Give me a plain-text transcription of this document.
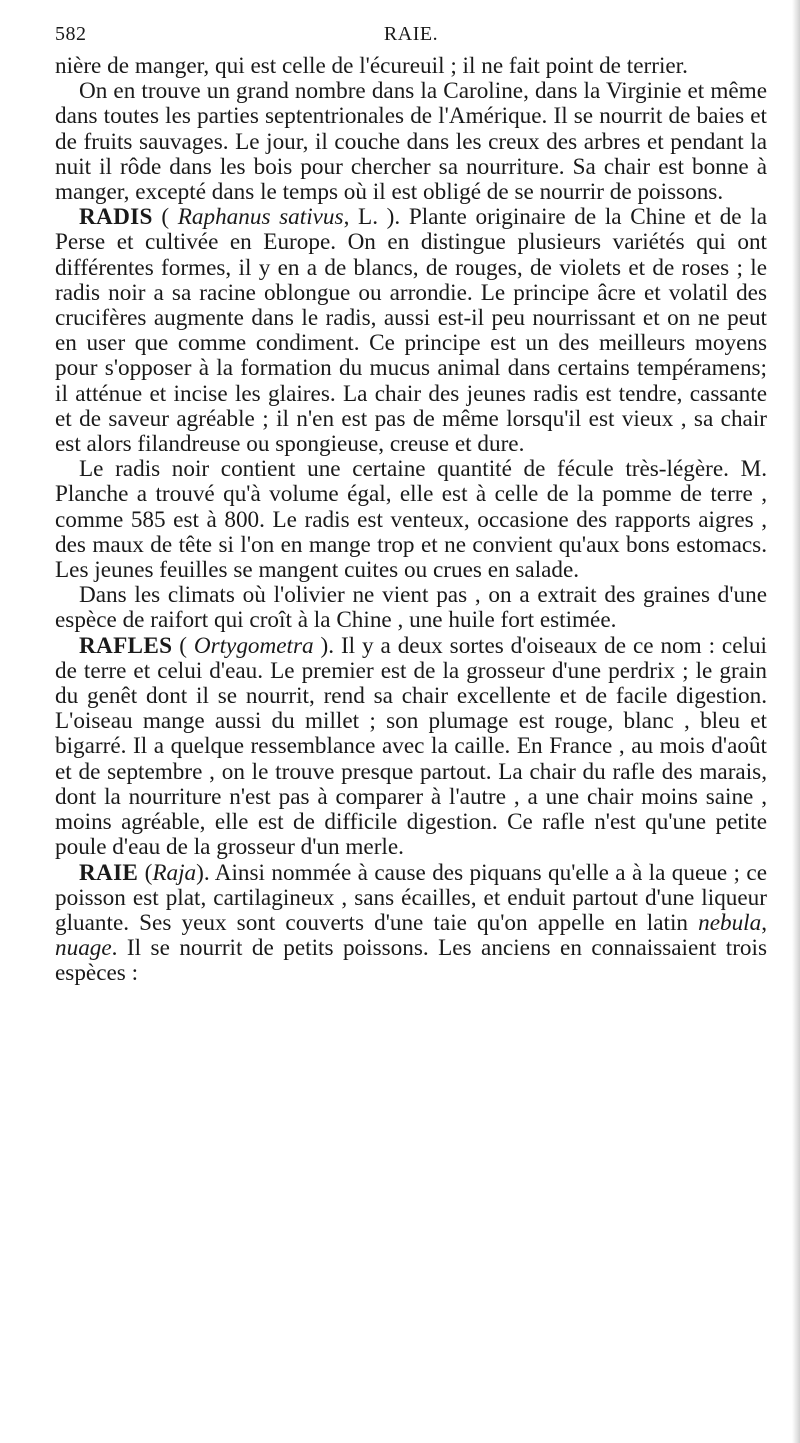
582	RAIE.

nière de manger, qui est celle de l'écureuil ; il ne fait point de terrier.

On en trouve un grand nombre dans la Caroline, dans la Virginie et même dans toutes les parties septentrionales de l'Amérique. Il se nourrit de baies et de fruits sauvages. Le jour, il couche dans les creux des arbres et pendant la nuit il rôde dans les bois pour chercher sa nourriture. Sa chair est bonne à manger, excepté dans le temps où il est obligé de se nourrir de poissons.

RADIS ( Raphanus sativus, L. ). Plante originaire de la Chine et de la Perse et cultivée en Europe. On en distingue plusieurs variétés qui ont différentes formes, il y en a de blancs, de rouges, de violets et de roses ; le radis noir a sa racine oblongue ou arrondie. Le principe âcre et volatil des crucifères augmente dans le radis, aussi est-il peu nourrissant et on ne peut en user que comme condiment. Ce principe est un des meilleurs moyens pour s'opposer à la formation du mucus animal dans certains tempéramens; il atténue et incise les glaires. La chair des jeunes radis est tendre, cassante et de saveur agréable ; il n'en est pas de même lorsqu'il est vieux , sa chair est alors filandreuse ou spongieuse, creuse et dure.

Le radis noir contient une certaine quantité de fécule très-légère. M. Planche a trouvé qu'à volume égal, elle est à celle de la pomme de terre , comme 585 est à 800. Le radis est venteux, occasione des rapports aigres , des maux de tête si l'on en mange trop et ne convient qu'aux bons estomacs. Les jeunes feuilles se mangent cuites ou crues en salade.

Dans les climats où l'olivier ne vient pas , on a extrait des graines d'une espèce de raifort qui croît à la Chine , une huile fort estimée.

RAFLES ( Ortygometra ). Il y a deux sortes d'oiseaux de ce nom : celui de terre et celui d'eau. Le premier est de la grosseur d'une perdrix ; le grain du genêt dont il se nourrit, rend sa chair excellente et de facile digestion. L'oiseau mange aussi du millet ; son plumage est rouge, blanc , bleu et bigarré. Il a quelque ressemblance avec la caille. En France , au mois d'août et de septembre , on le trouve presque partout. La chair du rafle des marais, dont la nourriture n'est pas à comparer à l'autre , a une chair moins saine , moins agréable, elle est de difficile digestion. Ce rafle n'est qu'une petite poule d'eau de la grosseur d'un merle.

RAIE (Raja). Ainsi nommée à cause des piquans qu'elle a à la queue ; ce poisson est plat, cartilagineux , sans écailles, et enduit partout d'une liqueur gluante. Ses yeux sont couverts d'une taie qu'on appelle en latin nebula, nuage. Il se nourrit de petits poissons. Les anciens en connaissaient trois espèces :
